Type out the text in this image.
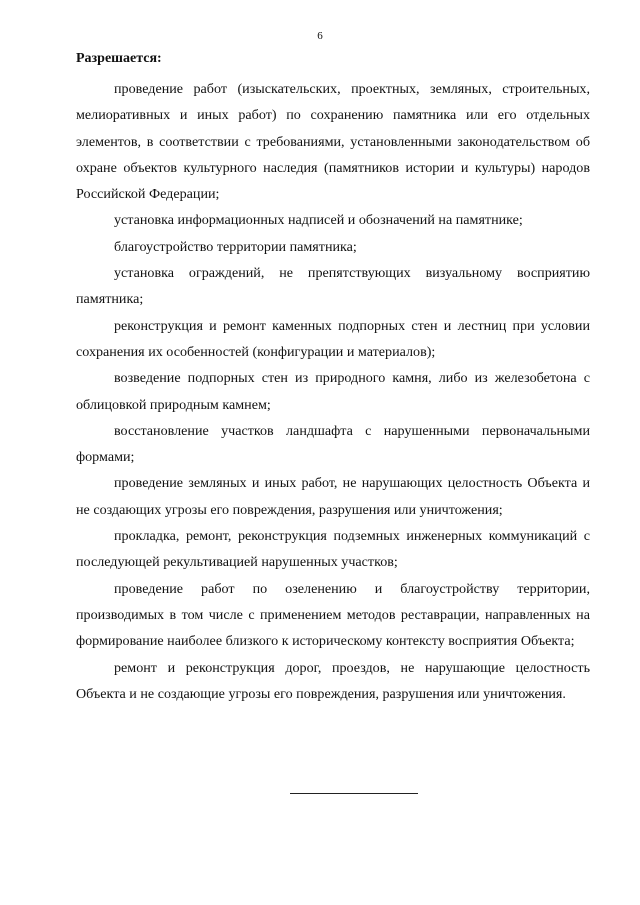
6
Разрешается:

проведение работ (изыскательских, проектных, земляных, строительных, мелиоративных и иных работ) по сохранению памятника или его отдельных элементов, в соответствии с требованиями, установленными законодательством об охране объектов культурного наследия (памятников истории и культуры) народов Российской Федерации;

установка информационных надписей и обозначений на памятнике;

благоустройство территории памятника;

установка ограждений, не препятствующих визуальному восприятию памятника;

реконструкция и ремонт каменных подпорных стен и лестниц при условии сохранения их особенностей (конфигурации и материалов);

возведение подпорных стен из природного камня, либо из железобетона с облицовкой природным камнем;

восстановление участков ландшафта с нарушенными первоначальными формами;

проведение земляных и иных работ, не нарушающих целостность Объекта и не создающих угрозы его повреждения, разрушения или уничтожения;

прокладка, ремонт, реконструкция подземных инженерных коммуникаций с последующей рекультивацией нарушенных участков;

проведение работ по озеленению и благоустройству территории, производимых в том числе с применением методов реставрации, направленных на формирование наиболее близкого к историческому контексту восприятия Объекта;

ремонт и реконструкция дорог, проездов, не нарушающие целостность Объекта и не создающие угрозы его повреждения, разрушения или уничтожения.
